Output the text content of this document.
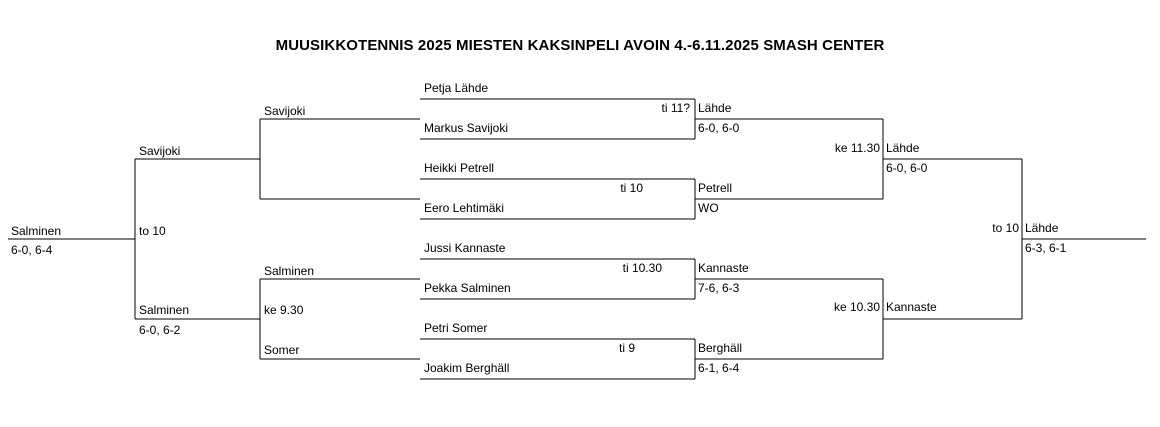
MUUSIKKOTENNIS 2025 MIESTEN KAKSINPELI AVOIN 4.-6.11.2025 SMASH CENTER
Petja Lähde
Markus Savijoki
ti 11?
Heikki Petrell
Eero Lehtimäki
ti 10
Jussi Kannaste
Pekka Salminen
ti 10.30
Petri Somer
Joakim Berghäll
ti 9
Lähde
6-0, 6-0
Petrell
WO
Kannaste
7-6, 6-3
Berghäll
6-1, 6-4
ke 11.30 Lähde
6-0, 6-0
ke 10.30 Kannaste
to 10 Lähde
6-3, 6-1
Savijoki
Salminen
ke 9.30
Somer
Savijoki
to 10
Salminen
6-0, 6-2
Salminen
6-0, 6-4
